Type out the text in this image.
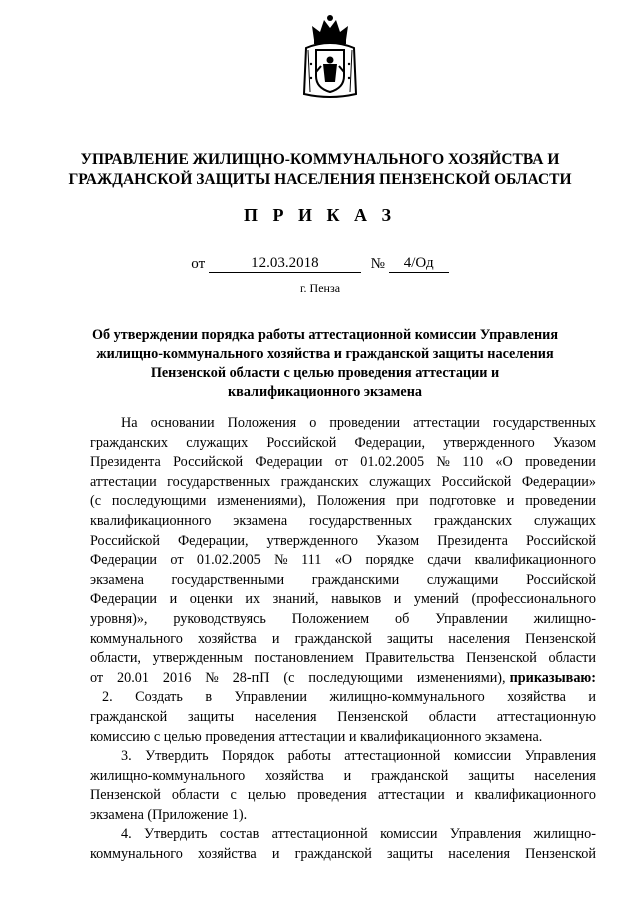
УПРАВЛЕНИЕ ЖИЛИЩНО-КОММУНАЛЬНОГО ХОЗЯЙСТВА И
ГРАЖДАНСКОЙ ЗАЩИТЫ НАСЕЛЕНИЯ ПЕНЗЕНСКОЙ ОБЛАСТИ
П Р И К А З
от	12.03.2018	№ 4/Од
г. Пенза
Об утверждении порядка работы аттестационной комиссии Управления
жилищно-коммунального хозяйства и гражданской защиты населения
Пензенской области с целью проведения аттестации и
квалификационного экзамена
На основании Положения о проведении аттестации государственных
гражданских служащих Российской Федерации, утвержденного Указом
Президента Российской Федерации от 01.02.2005 № 110 «О проведении
аттестации государственных гражданских служащих Российской Федерации»
(с последующими изменениями), Положения при подготовке и проведении
квалификационного экзамена государственных гражданских служащих
Российской Федерации, утвержденного Указом Президента Российской
Федерации от 01.02.2005 № 111 «О порядке сдачи квалификационного
экзамена государственными гражданскими служащими Российской
Федерации и оценки их знаний, навыков и умений (профессионального
уровня)», руководствуясь Положением об Управлении жилищно-
коммунального хозяйства и гражданской защиты населения Пензенской
области, утвержденным постановлением Правительства Пензенской области
от 20.01 2016 № 28-пП (с последующими изменениями), приказываю:
2. Создать в Управлении жилищно-коммунального хозяйства и
гражданской защиты населения Пензенской области аттестационную
комиссию с целью проведения аттестации и квалификационного экзамена.
3. Утвердить Порядок работы аттестационной комиссии Управления
жилищно-коммунального хозяйства и гражданской защиты населения
Пензенской области с целью проведения аттестации и квалификационного
экзамена (Приложение 1).
4. Утвердить состав аттестационной комиссии Управления жилищно-
коммунального хозяйства и гражданской защиты населения Пензенской
